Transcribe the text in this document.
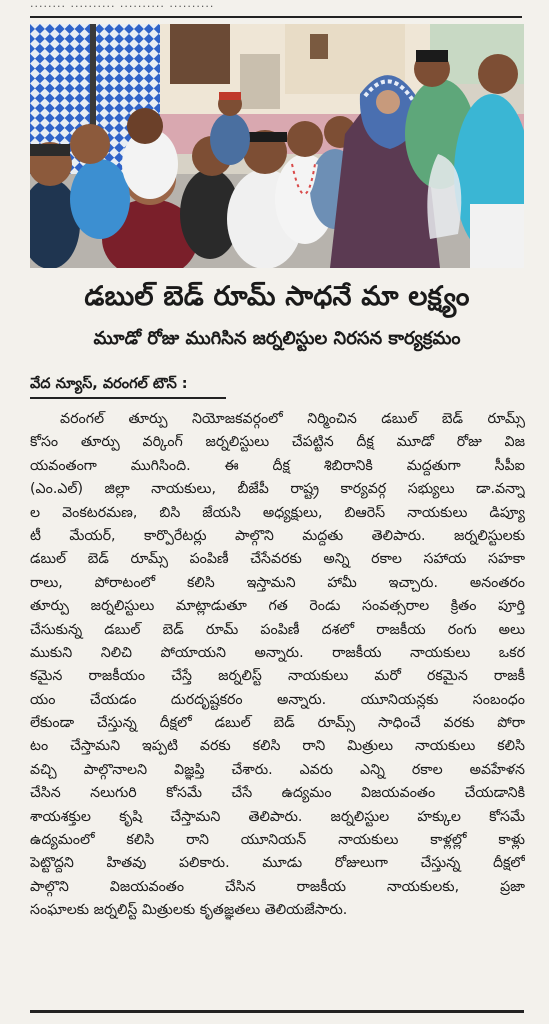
........ .......... .......... ..........
డబుల్ బెడ్ రూమ్ సాధనే మా లక్ష్యం
మూడో రోజు ముగిసిన జర్నలిస్టుల నిరసన కార్యక్రమం
వేద న్యూస్, వరంగల్ టౌన్ :
వరంగల్ తూర్పు నియోజకవర్గంలో నిర్మించిన డబుల్ బెడ్ రూమ్స్
కోసం తూర్పు వర్కింగ్ జర్నలిస్టులు చేపట్టిన దీక్ష మూడో రోజు విజ
యవంతంగా ముగిసింది. ఈ దీక్ష శిబిరానికి మద్దతుగా సీపీఐ
(ఎం.ఎల్) జిల్లా నాయకులు, బీజేపీ రాష్ట్ర కార్యవర్గ సభ్యులు డా.వన్నా
ల వెంకటరమణ, బిసి జేయసి అధ్యక్షులు, బిఆరెస్ నాయకులు డిప్యూ
టీ మేయర్, కార్పొరేటర్లు పాల్గొని మద్దతు తెలిపారు. జర్నలిస్టులకు
డబుల్ బెడ్ రూమ్స్ పంపిణీ చేసేవరకు అన్ని రకాల సహాయ సహకా
రాలు, పోరాటంలో కలిసి ఇస్తామని హామీ ఇచ్చారు. అనంతరం
తూర్పు జర్నలిస్టులు మాట్లాడుతూ గత రెండు సంవత్సరాల క్రితం పూర్తి
చేసుకున్న డబుల్ బెడ్ రూమ్ పంపిణీ దశలో రాజకీయ రంగు అలు
ముకుని నిలిచి పోయాయని అన్నారు. రాజకీయ నాయకులు ఒకర
కమైన రాజకీయం చేస్తే జర్నలిస్ట్ నాయకులు మరో రకమైన రాజకీ
యం చేయడం దురదృష్టకరం అన్నారు. యూనియన్లకు సంబంధం
లేకుండా చేస్తున్న దీక్షలో డబుల్ బెడ్ రూమ్స్ సాధించే వరకు పోరా
టం చేస్తామని ఇప్పటి వరకు కలిసి రాని మిత్రులు నాయకులు కలిసి
వచ్చి పాల్గొనాలని విజ్ఞప్తి చేశారు. ఎవరు ఎన్ని రకాల అవహేళన
చేసిన నలుగురి కోసమే చేసే ఉద్యమం విజయవంతం చేయడానికి
శాయశక్తుల కృషి చేస్తామని తెలిపారు. జర్నలిస్టుల హక్కుల కోసమే
ఉద్యమంలో కలిసి రాని యూనియన్ నాయకులు కాళ్లల్లో కాళ్లు
పెట్టొద్దని హితవు పలికారు. మూడు రోజులుగా చేస్తున్న దీక్షలో
పాల్గొని విజయవంతం చేసిన రాజకీయ నాయకులకు, ప్రజా
సంఘాలకు జర్నలిస్ట్ మిత్రులకు కృతజ్ఞతలు తెలియజేసారు.
